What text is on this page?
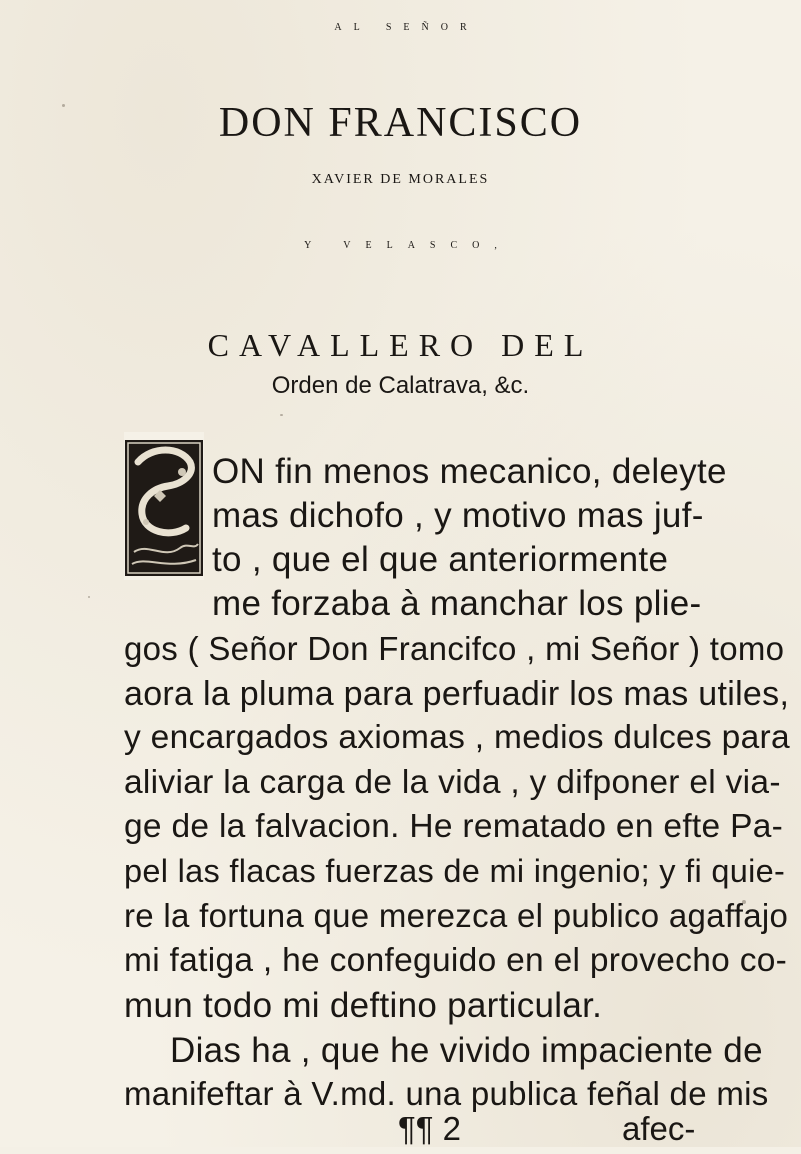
AL SEÑOR
DON FRANCISCO
XAVIER DE MORALES
Y VELASCO,
CAVALLERO DEL
Orden de Calatrava, &c.
ON fin menos mecanico, deleyte
mas dichofo , y motivo mas juf-
to , que el que anteriormente
me forzaba à manchar los plie-
gos ( Señor Don Francifco , mi Señor ) tomo
aora la pluma para perfuadir los mas utiles,
y encargados axiomas , medios dulces para
aliviar la carga de la vida , y difponer el via-
ge de la falvacion. He rematado en efte Pa-
pel las flacas fuerzas de mi ingenio; y fi quie-
re la fortuna que merezca el publico agaffajo
mi fatiga , he confeguido en el provecho co-
mun todo mi deftino particular.
Dias ha , que he vivido impaciente de
manifeftar à V.md. una publica feñal de mis
¶¶ 2	afec-
